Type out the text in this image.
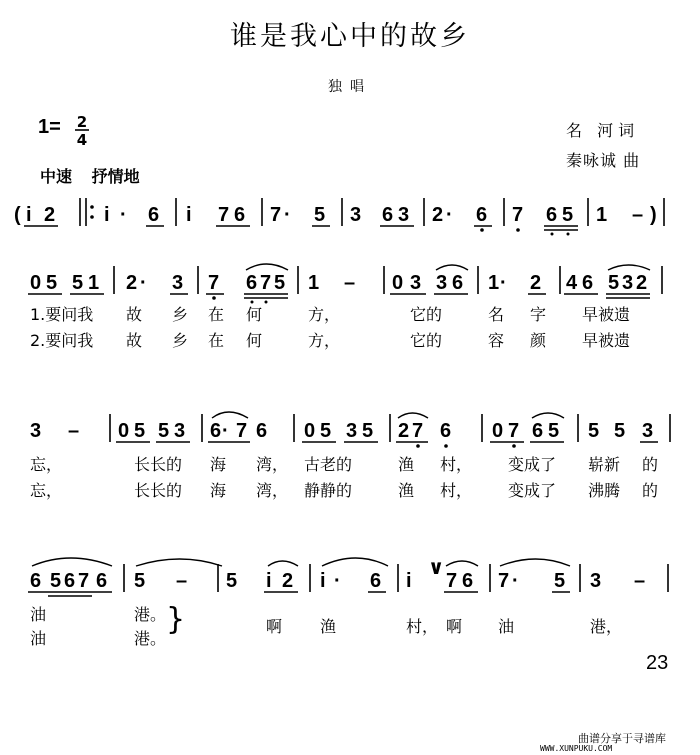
谁是我心中的故乡
独唱
1= 2
4	名 河词
秦咏诚 曲
中速 抒情地
( i 2 i · 6 i 7 6 7 · 5 3 6 3 2 · 6 7 6 5 1 – )
0 5 5 1 2 · 3 7 6 7 5 1 – 0 3 3 6 1 · 2 4 6 5 3 2
3 – 0 5 5 3 6 · 7 6 0 5 3 5 2 7 6 0 7 6 5 5 5 3
6 5 6 7 6 5 – 5 i 2 i · 6 i
∨
7 6 7 · 5 3 –
1.要问我 故 乡 在 何	方，	它的	名 字 早被遗
2.要问我 故 乡 在 何	方，	它的	容 颜 早被遗
忘，	长长的 海 湾， 古老的	渔 村， 变成了 崭新 的
忘，	长长的 海 湾， 静静的	渔 村， 变成了 沸腾 的
油	港。
油	港。
}	啊 渔	村， 啊 油	港，
23
曲谱分享于寻谱库
WWW.XUNPUKU.COM
